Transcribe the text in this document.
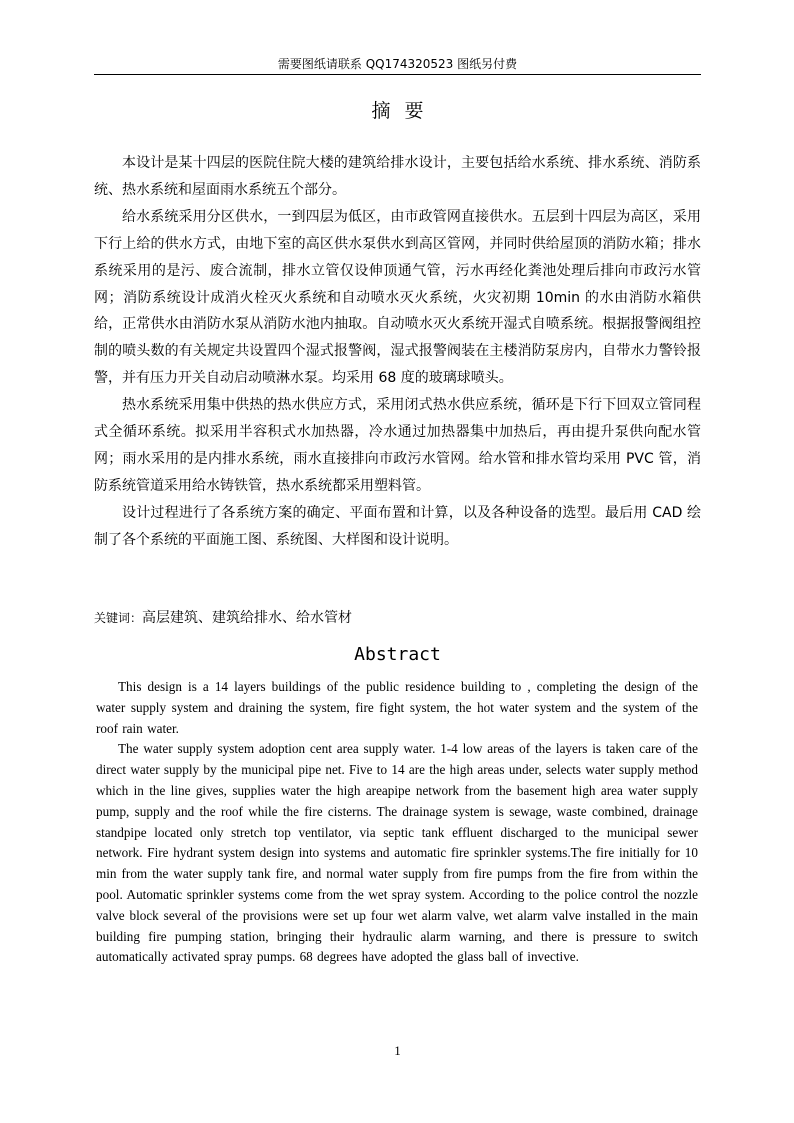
需要图纸请联系 QQ174320523 图纸另付费
摘要

本设计是某十四层的医院住院大楼的建筑给排水设计，主要包括给水系统、排水系统、消防系统、热水系统和屋面雨水系统五个部分。

给水系统采用分区供水，一到四层为低区，由市政管网直接供水。五层到十四层为高区，采用下行上给的供水方式，由地下室的高区供水泵供水到高区管网，并同时供给屋顶的消防水箱；排水系统采用的是污、废合流制，排水立管仅设伸顶通气管，污水再经化粪池处理后排向市政污水管网；消防系统设计成消火栓灭火系统和自动喷水灭火系统，火灾初期 10min 的水由消防水箱供给，正常供水由消防水泵从消防水池内抽取。自动喷水灭火系统开湿式自喷系统。根据报警阀组控制的喷头数的有关规定共设置四个湿式报警阀，湿式报警阀装在主楼消防泵房内，自带水力警铃报警，并有压力开关自动启动喷淋水泵。均采用 68 度的玻璃球喷头。

热水系统采用集中供热的热水供应方式，采用闭式热水供应系统，循环是下行下回双立管同程式全循环系统。拟采用半容积式水加热器，冷水通过加热器集中加热后，再由提升泵供向配水管网；雨水采用的是内排水系统，雨水直接排向市政污水管网。给水管和排水管均采用 PVC 管，消防系统管道采用给水铸铁管，热水系统都采用塑料管。

设计过程进行了各系统方案的确定、平面布置和计算，以及各种设备的选型。最后用 CAD 绘制了各个系统的平面施工图、系统图、大样图和设计说明。

关键词：高层建筑、建筑给排水、给水管材
Abstract

This design is a 14 layers buildings of the public residence building to , completing the design of the water supply system and draining the system, fire fight system, the hot water system and the system of the roof rain water.

The water supply system adoption cent area supply water. 1-4 low areas of the layers is taken care of the direct water supply by the municipal pipe net. Five to 14 are the high areas under, selects water supply method which in the line gives, supplies water the high areapipe network from the basement high area water supply pump, supply and the roof while the fire cisterns. The drainage system is sewage, waste combined, drainage standpipe located only stretch top ventilator, via septic tank effluent discharged to the municipal sewer network. Fire hydrant system design into systems and automatic fire sprinkler systems.The fire initially for 10 min from the water supply tank fire, and normal water supply from fire pumps from the fire from within the pool. Automatic sprinkler systems come from the wet spray system. According to the police control the nozzle valve block several of the provisions were set up four wet alarm valve, wet alarm valve installed in the main building fire pumping station, bringing their hydraulic alarm warning, and there is pressure to switch automatically activated spray pumps. 68 degrees have adopted the glass ball of invective.

1
